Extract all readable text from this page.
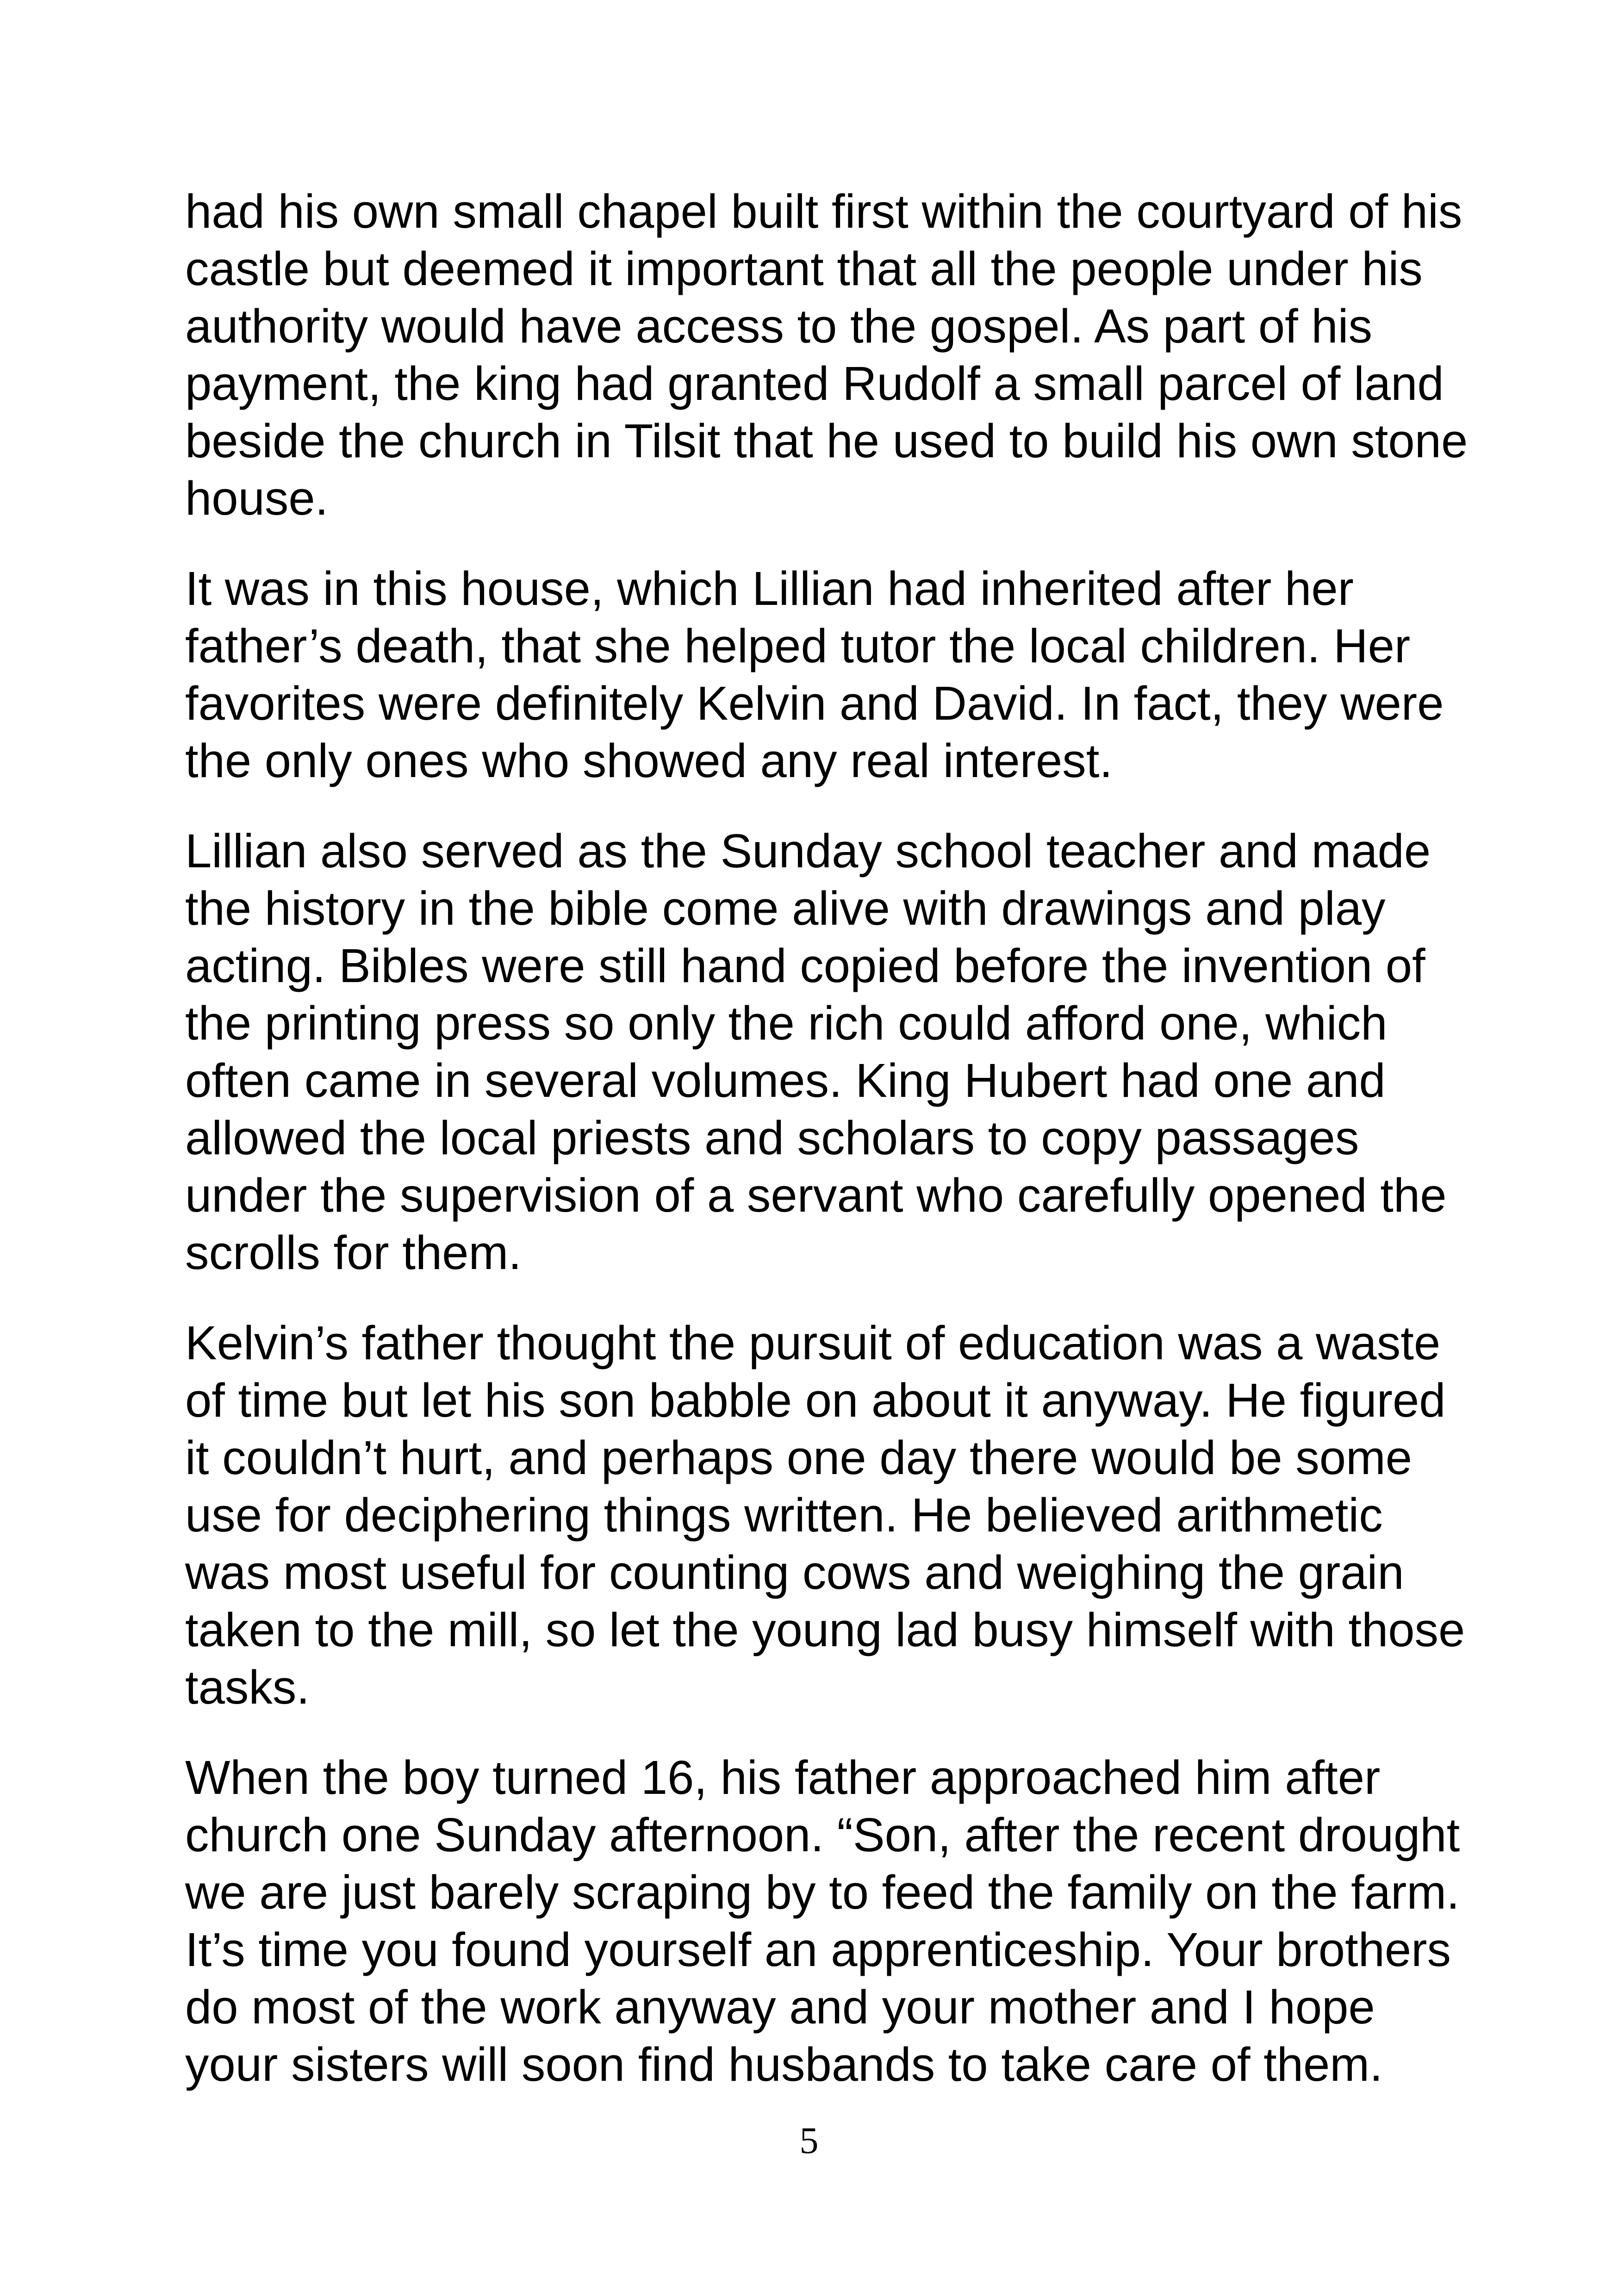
had his own small chapel built first within the courtyard of his castle but deemed it important that all the people under his authority would have access to the gospel. As part of his payment, the king had granted Rudolf a small parcel of land beside the church in Tilsit that he used to build his own stone house.

It was in this house, which Lillian had inherited after her father’s death, that she helped tutor the local children. Her favorites were definitely Kelvin and David. In fact, they were the only ones who showed any real interest.

Lillian also served as the Sunday school teacher and made the history in the bible come alive with drawings and play acting. Bibles were still hand copied before the invention of the printing press so only the rich could afford one, which often came in several volumes. King Hubert had one and allowed the local priests and scholars to copy passages under the supervision of a servant who carefully opened the scrolls for them.

Kelvin’s father thought the pursuit of education was a waste of time but let his son babble on about it anyway. He figured it couldn’t hurt, and perhaps one day there would be some use for deciphering things written. He believed arithmetic was most useful for counting cows and weighing the grain taken to the mill, so let the young lad busy himself with those tasks.

When the boy turned 16, his father approached him after church one Sunday afternoon. “Son, after the recent drought we are just barely scraping by to feed the family on the farm. It’s time you found yourself an apprenticeship. Your brothers do most of the work anyway and your mother and I hope your sisters will soon find husbands to take care of them.

5
